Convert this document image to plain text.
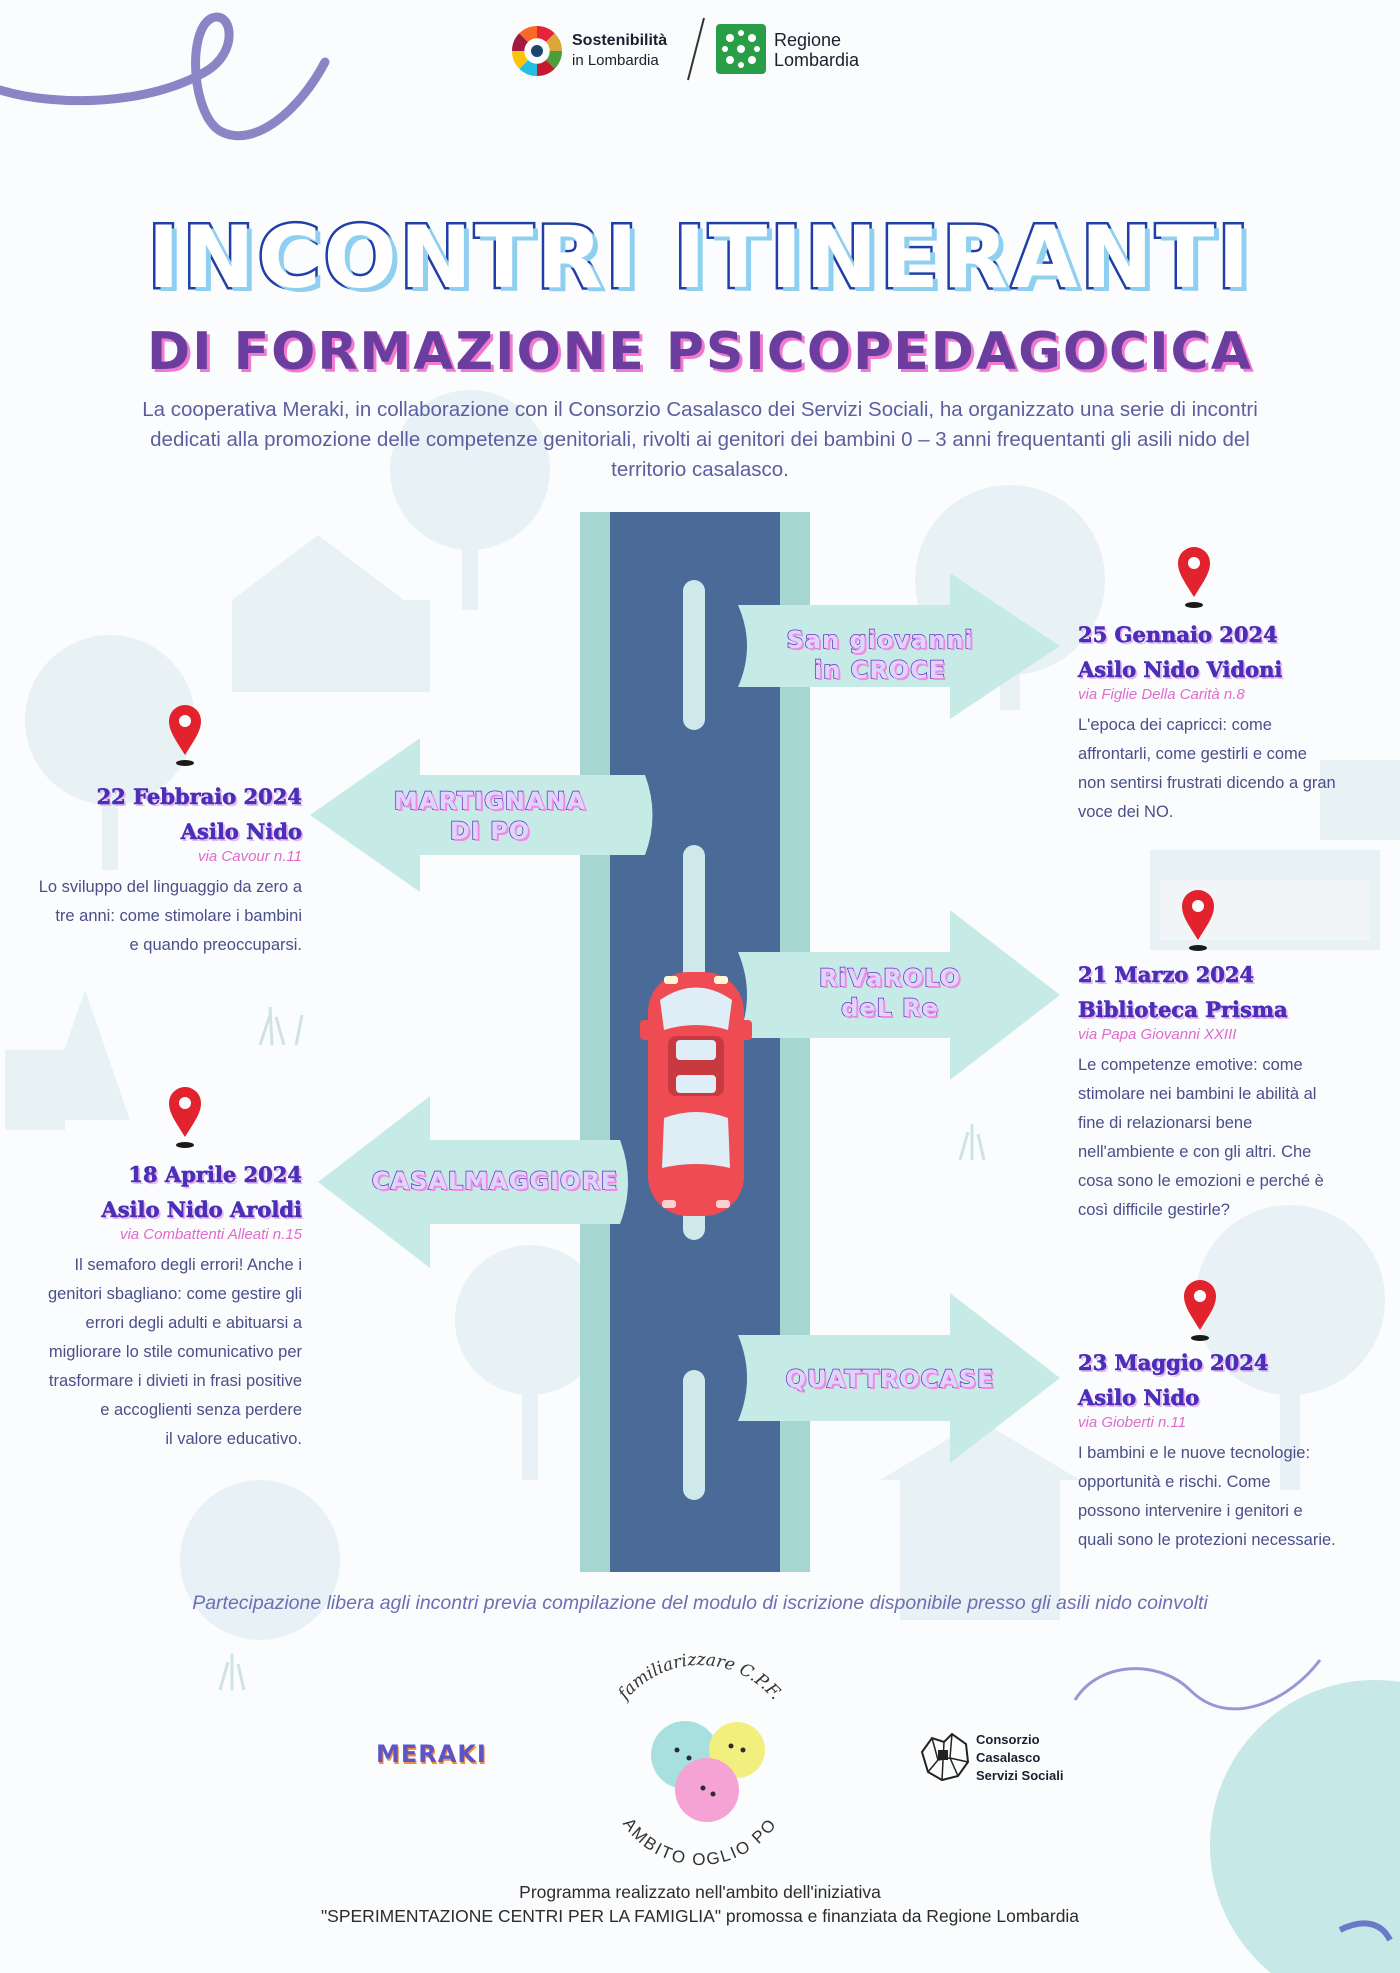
Sostenibilità
in Lombardia
Regione
Lombardia
INCONTRI ITINERANTI
DI FORMAZIONE PSICOPEDAGOCICA
La cooperativa Meraki, in collaborazione con il Consorzio Casalasco dei Servizi Sociali, ha organizzato una serie di incontri
dedicati alla promozione delle competenze genitoriali, rivolti ai genitori dei bambini 0 – 3 anni frequentanti gli asili nido del
territorio casalasco.
San giovanni
in CROCE
MARTIGNANA
DI PO
RiVaROLO
deL Re
CASALMAGGIORE
QUATTROCASE
25 Gennaio 2024
Asilo Nido Vidoni
via Figlie Della Carità n.8
L'epoca dei capricci: come
affrontarli, come gestirli e come
non sentirsi frustrati dicendo a gran
voce dei NO.
22 Febbraio 2024
Asilo Nido
via Cavour n.11
Lo sviluppo del linguaggio da zero a
tre anni: come stimolare i bambini
e quando preoccuparsi.
21 Marzo 2024
Biblioteca Prisma
via Papa Giovanni XXIII
Le competenze emotive: come
stimolare nei bambini le abilità al
fine di relazionarsi bene
nell'ambiente e con gli altri. Che
cosa sono le emozioni e perché è
così difficile gestirle?
18 Aprile 2024
Asilo Nido Aroldi
via Combattenti Alleati n.15
Il semaforo degli errori! Anche i
genitori sbagliano: come gestire gli
errori degli adulti e abituarsi a
migliorare lo stile comunicativo per
trasformare i divieti in frasi positive
e accoglienti senza perdere
il valore educativo.
23 Maggio 2024
Asilo Nido
via Gioberti n.11
I bambini e le nuove tecnologie:
opportunità e rischi. Come
possono intervenire i genitori e
quali sono le protezioni necessarie.
Partecipazione libera agli incontri previa compilazione del modulo di iscrizione disponibile presso gli asili nido coinvolti
MERAKI
familiarizzare C.P.F.
AMBITO OGLIO PO
Consorzio
Casalasco
Servizi Sociali
Programma realizzato nell'ambito dell'iniziativa
"SPERIMENTAZIONE CENTRI PER LA FAMIGLIA" promossa e finanziata da Regione Lombardia
